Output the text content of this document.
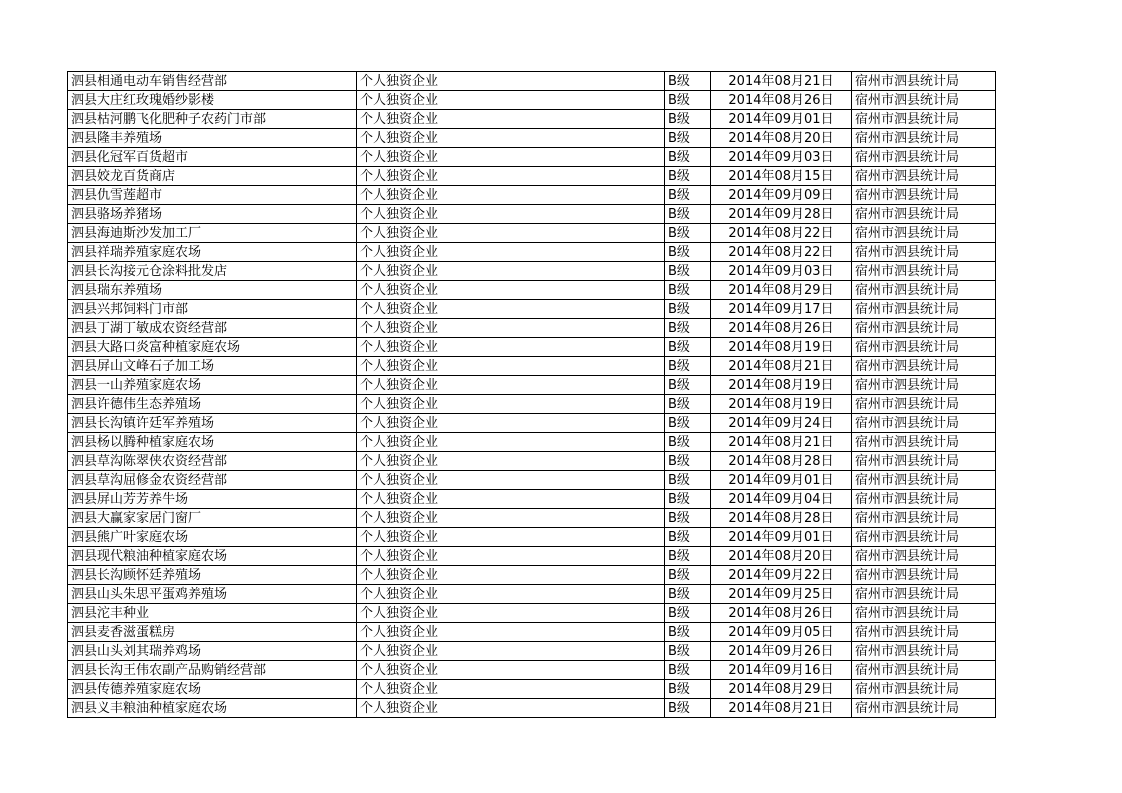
泗县相通电动车销售经营部	个人独资企业	B级	2014年08月21日	宿州市泗县统计局
泗县大庄红玫瑰婚纱影楼	个人独资企业	B级	2014年08月26日	宿州市泗县统计局
泗县枯河鹏飞化肥种子农药门市部	个人独资企业	B级	2014年09月01日	宿州市泗县统计局
泗县隆丰养殖场	个人独资企业	B级	2014年08月20日	宿州市泗县统计局
泗县化冠军百货超市	个人独资企业	B级	2014年09月03日	宿州市泗县统计局
泗县姣龙百货商店	个人独资企业	B级	2014年08月15日	宿州市泗县统计局
泗县仇雪莲超市	个人独资企业	B级	2014年09月09日	宿州市泗县统计局
泗县骆场养猪场	个人独资企业	B级	2014年09月28日	宿州市泗县统计局
泗县海迪斯沙发加工厂	个人独资企业	B级	2014年08月22日	宿州市泗县统计局
泗县祥瑞养殖家庭农场	个人独资企业	B级	2014年08月22日	宿州市泗县统计局
泗县长沟接元仓涂料批发店	个人独资企业	B级	2014年09月03日	宿州市泗县统计局
泗县瑞东养殖场	个人独资企业	B级	2014年08月29日	宿州市泗县统计局
泗县兴邦饲料门市部	个人独资企业	B级	2014年09月17日	宿州市泗县统计局
泗县丁湖丁敏成农资经营部	个人独资企业	B级	2014年08月26日	宿州市泗县统计局
泗县大路口炎富种植家庭农场	个人独资企业	B级	2014年08月19日	宿州市泗县统计局
泗县屏山文峰石子加工场	个人独资企业	B级	2014年08月21日	宿州市泗县统计局
泗县一山养殖家庭农场	个人独资企业	B级	2014年08月19日	宿州市泗县统计局
泗县许德伟生态养殖场	个人独资企业	B级	2014年08月19日	宿州市泗县统计局
泗县长沟镇许廷军养殖场	个人独资企业	B级	2014年09月24日	宿州市泗县统计局
泗县杨以腾种植家庭农场	个人独资企业	B级	2014年08月21日	宿州市泗县统计局
泗县草沟陈翠侠农资经营部	个人独资企业	B级	2014年08月28日	宿州市泗县统计局
泗县草沟屈修金农资经营部	个人独资企业	B级	2014年09月01日	宿州市泗县统计局
泗县屏山芳芳养牛场	个人独资企业	B级	2014年09月04日	宿州市泗县统计局
泗县大赢家家居门窗厂	个人独资企业	B级	2014年08月28日	宿州市泗县统计局
泗县熊广叶家庭农场	个人独资企业	B级	2014年09月01日	宿州市泗县统计局
泗县现代粮油种植家庭农场	个人独资企业	B级	2014年08月20日	宿州市泗县统计局
泗县长沟顾怀廷养殖场	个人独资企业	B级	2014年09月22日	宿州市泗县统计局
泗县山头朱思平蛋鸡养殖场	个人独资企业	B级	2014年09月25日	宿州市泗县统计局
泗县沱丰种业	个人独资企业	B级	2014年08月26日	宿州市泗县统计局
泗县麦香滋蛋糕房	个人独资企业	B级	2014年09月05日	宿州市泗县统计局
泗县山头刘其瑞养鸡场	个人独资企业	B级	2014年09月26日	宿州市泗县统计局
泗县长沟王伟农副产品购销经营部	个人独资企业	B级	2014年09月16日	宿州市泗县统计局
泗县传德养殖家庭农场	个人独资企业	B级	2014年08月29日	宿州市泗县统计局
泗县义丰粮油种植家庭农场	个人独资企业	B级	2014年08月21日	宿州市泗县统计局
